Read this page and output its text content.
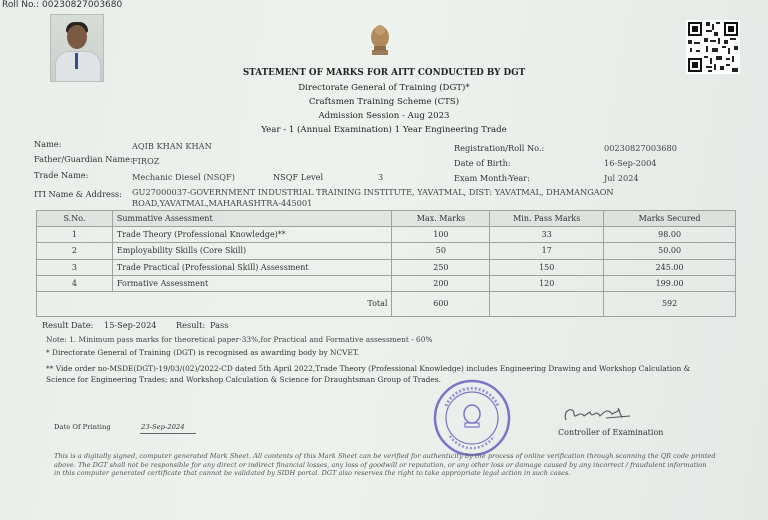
Roll No.: 00230827003680
STATEMENT OF MARKS FOR AITT CONDUCTED BY DGT
Directorate General of Training (DGT)*
Craftsmen Training Scheme (CTS)
Admission Session - Aug 2023
Year - 1 (Annual Examination) 1 Year Engineering Trade
Name:	AQIB KHAN KHAN
Father/Guardian Name: FIROZ
Trade Name:	Mechanic Diesel (NSQF)	NSQF Level	3
ITI Name & Address: GU27000037-GOVERNMENT INDUSTRIAL TRAINING INSTITUTE, YAVATMAL, DIST: YAVATMAL, DHAMANGAON
ROAD,YAVATMAL,MAHARASHTRA-445001
Registration/Roll No.:	00230827003680
Date of Birth:	16-Sep-2004
Exam Month-Year:	Jul 2024
S.No.	Summative Assessment	Max. Marks	Min. Pass Marks	Marks Secured
1	Trade Theory (Professional Knowledge)**	100	33	98.00
2	Employability Skills (Core Skill)	50	17	50.00
3	Trade Practical (Professional Skill) Assessment	250	150	245.00
4	Formative Assessment	200	120	199.00
Total		600		592
Result Date: 15-Sep-2024 Result: Pass
Note: 1. Minimum pass marks for theoretical paper-33%,for Practical and Formative assessment - 60%
* Directorate General of Training (DGT) is recognised as awarding body by NCVET.
** Vide order no-MSDE(DGT)-19/03/(02)/2022-CD dated 5th April 2022,Trade Theory (Professional Knowledge) includes Engineering Drawing and Workshop Calculation &
Science for Engineering Trades; and Workshop Calculation & Science for Draughtsman Group of Trades.
Date Of Printing	23-Sep-2024
Controller of Examination
This is a digitally signed, computer generated Mark Sheet. All contents of this Mark Sheet can be verified for authenticity by the process of online verification through scanning the QR code printed
above. The DGT shall not be responsible for any direct or indirect financial losses, any loss of goodwill or reputation, or any other loss or damage caused by any incorrect / fraudulent information
in this computer generated certificate that cannot be validated by SIDH portal. DGT also reserves the right to take appropriate legal action in such cases.
